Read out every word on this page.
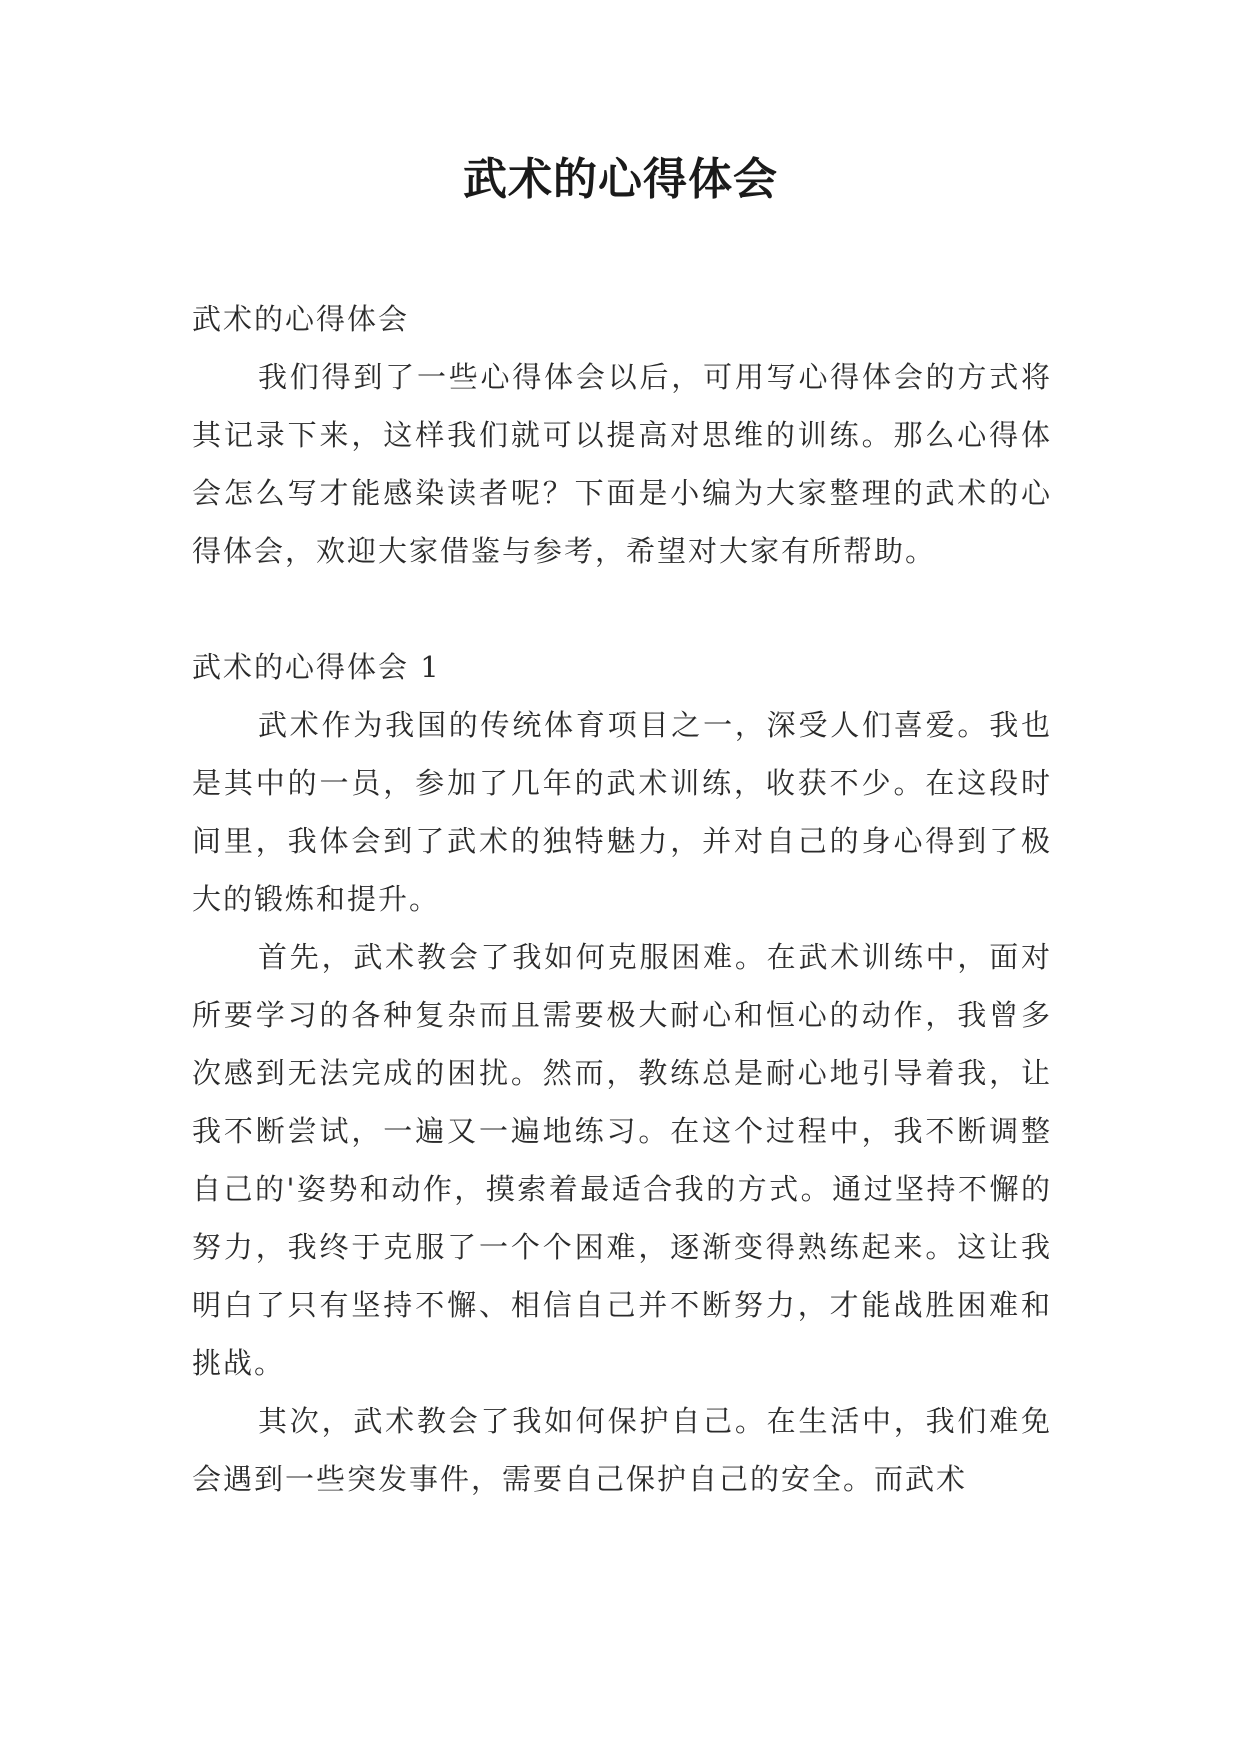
武术的心得体会

武术的心得体会

我们得到了一些心得体会以后，可用写心得体会的方式将其记录下来，这样我们就可以提高对思维的训练。那么心得体会怎么写才能感染读者呢？下面是小编为大家整理的武术的心得体会，欢迎大家借鉴与参考，希望对大家有所帮助。

武术的心得体会 1

武术作为我国的传统体育项目之一，深受人们喜爱。我也是其中的一员，参加了几年的武术训练，收获不少。在这段时间里，我体会到了武术的独特魅力，并对自己的身心得到了极大的锻炼和提升。

首先，武术教会了我如何克服困难。在武术训练中，面对所要学习的各种复杂而且需要极大耐心和恒心的动作，我曾多次感到无法完成的困扰。然而，教练总是耐心地引导着我，让我不断尝试，一遍又一遍地练习。在这个过程中，我不断调整自己的'姿势和动作，摸索着最适合我的方式。通过坚持不懈的努力，我终于克服了一个个困难，逐渐变得熟练起来。这让我明白了只有坚持不懈、相信自己并不断努力，才能战胜困难和挑战。

其次，武术教会了我如何保护自己。在生活中，我们难免会遇到一些突发事件，需要自己保护自己的安全。而武术
